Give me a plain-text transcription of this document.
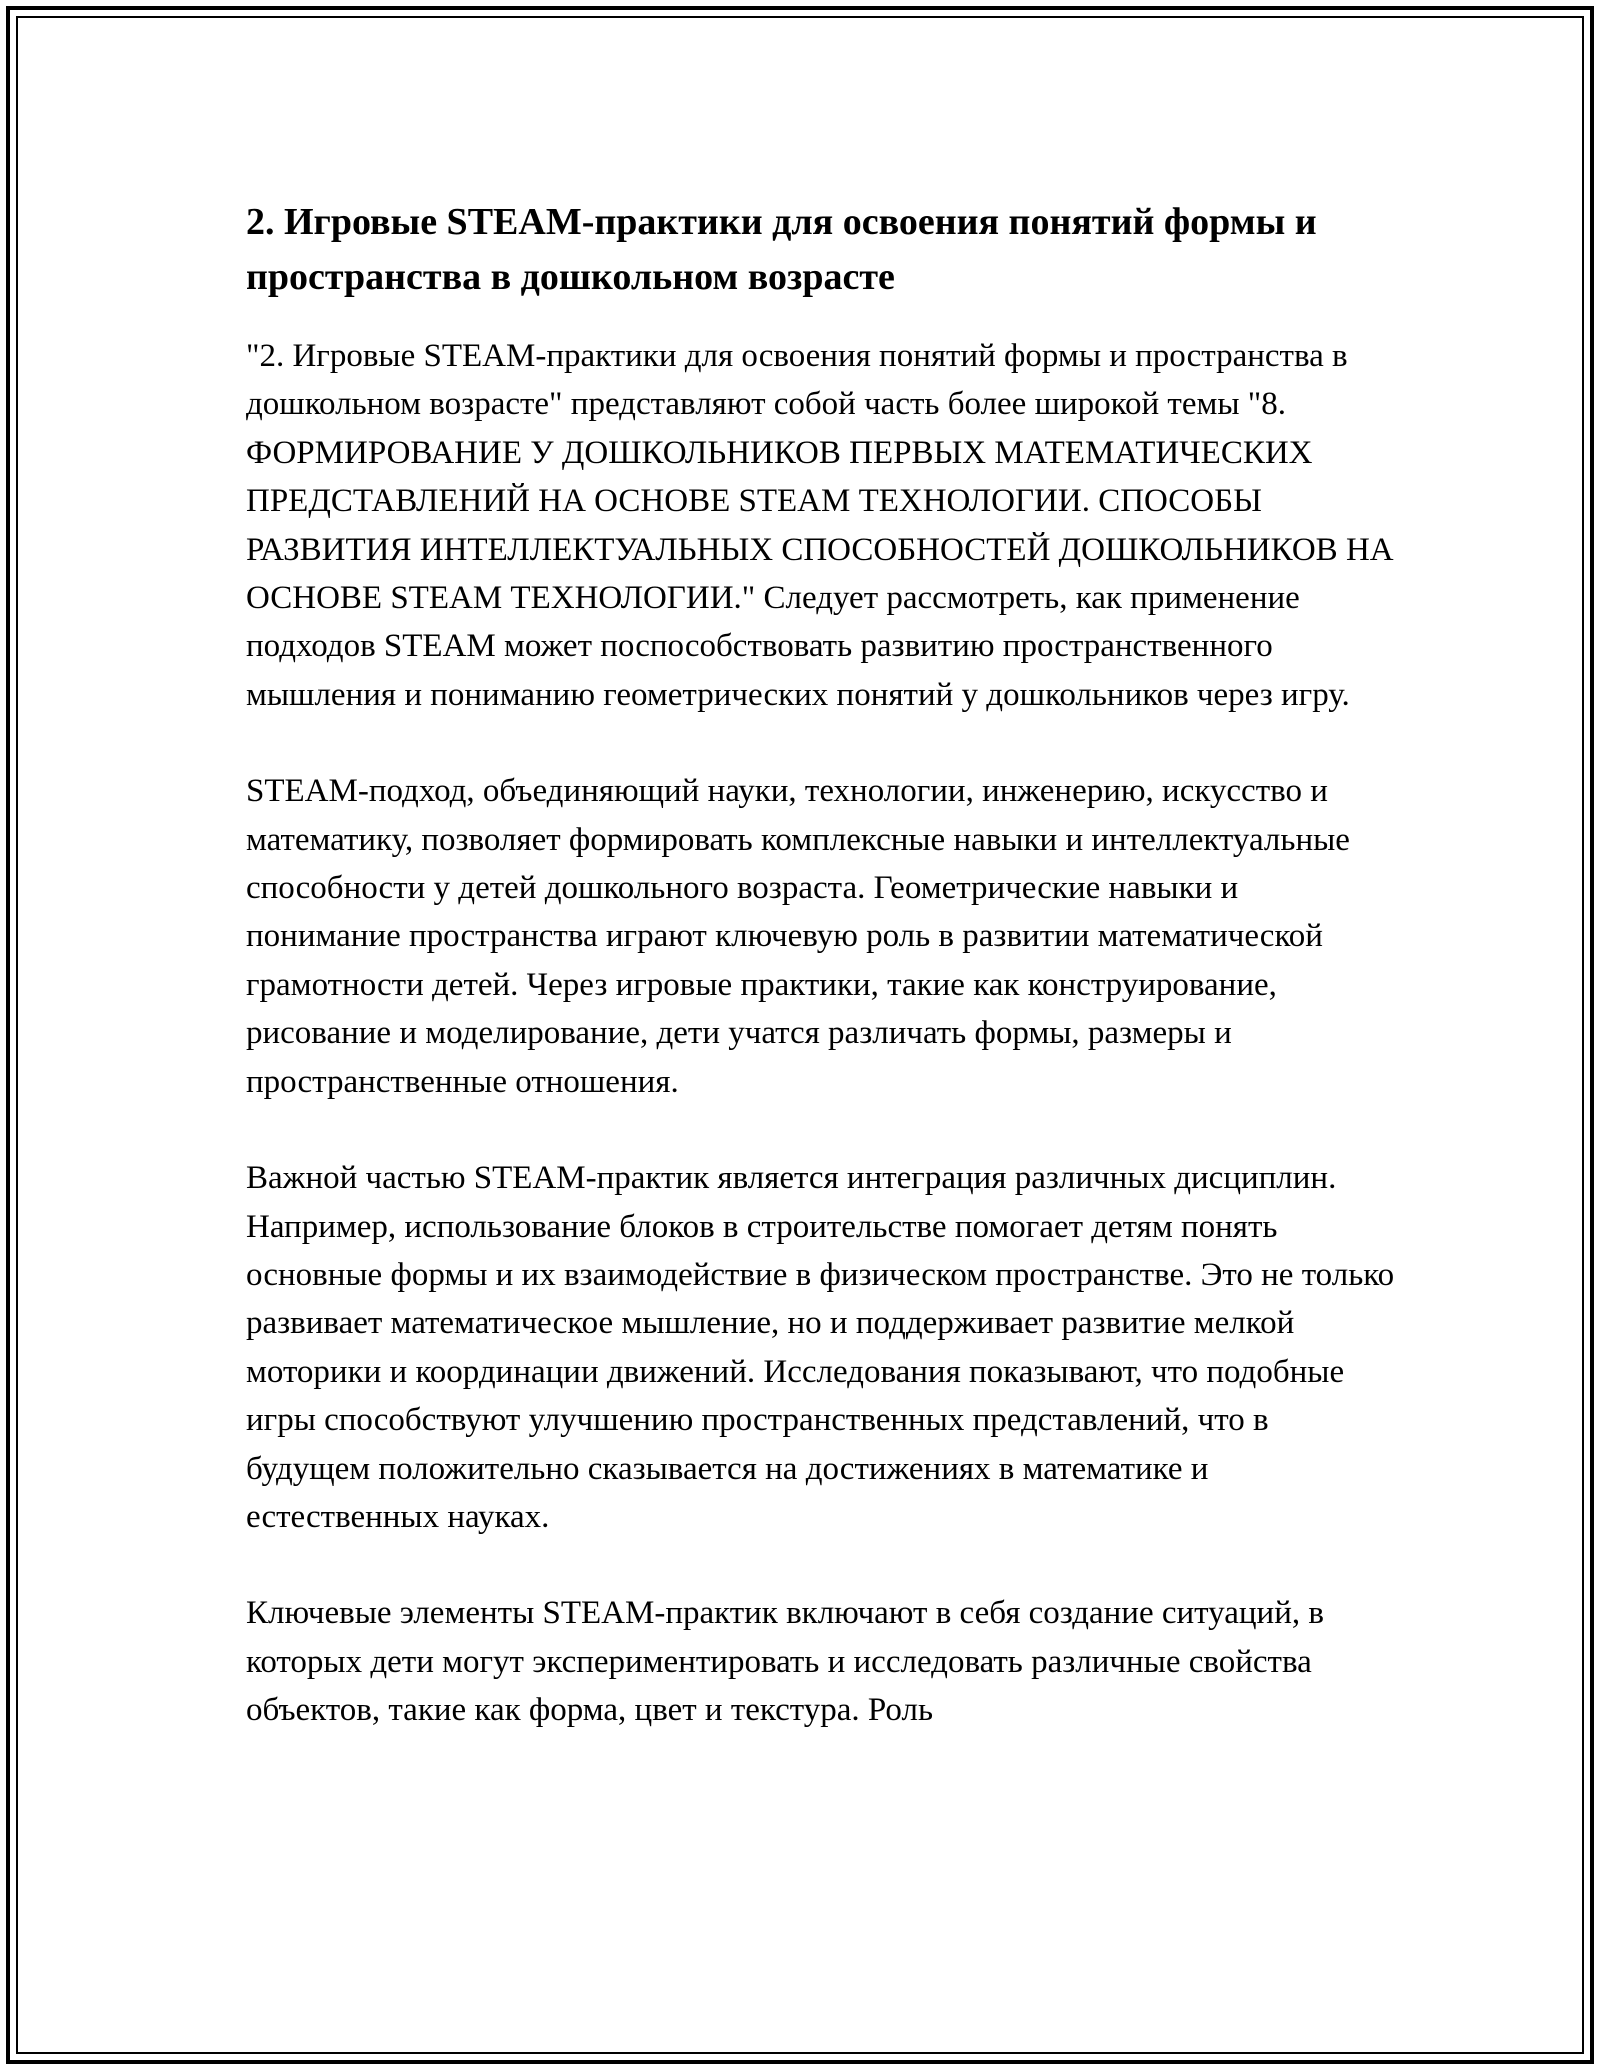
2. Игровые STEAM-практики для освоения понятий формы и пространства в дошкольном возрасте

"2. Игровые STEAM-практики для освоения понятий формы и пространства в дошкольном возрасте" представляют собой часть более широкой темы "8. ФОРМИРОВАНИЕ У ДОШКОЛЬНИКОВ ПЕРВЫХ МАТЕМАТИЧЕСКИХ ПРЕДСТАВЛЕНИЙ НА ОСНОВЕ STEAM ТЕХНОЛОГИИ. СПОСОБЫ РАЗВИТИЯ ИНТЕЛЛЕКТУАЛЬНЫХ СПОСОБНОСТЕЙ ДОШКОЛЬНИКОВ НА ОСНОВЕ STEAM ТЕХНОЛОГИИ." Следует рассмотреть, как применение подходов STEAM может поспособствовать развитию пространственного мышления и пониманию геометрических понятий у дошкольников через игру.

STEAM-подход, объединяющий науки, технологии, инженерию, искусство и математику, позволяет формировать комплексные навыки и интеллектуальные способности у детей дошкольного возраста. Геометрические навыки и понимание пространства играют ключевую роль в развитии математической грамотности детей. Через игровые практики, такие как конструирование, рисование и моделирование, дети учатся различать формы, размеры и пространственные отношения.

Важной частью STEAM-практик является интеграция различных дисциплин. Например, использование блоков в строительстве помогает детям понять основные формы и их взаимодействие в физическом пространстве. Это не только развивает математическое мышление, но и поддерживает развитие мелкой моторики и координации движений. Исследования показывают, что подобные игры способствуют улучшению пространственных представлений, что в будущем положительно сказывается на достижениях в математике и естественных науках.

Ключевые элементы STEAM-практик включают в себя создание ситуаций, в которых дети могут экспериментировать и исследовать различные свойства объектов, такие как форма, цвет и текстура. Роль
